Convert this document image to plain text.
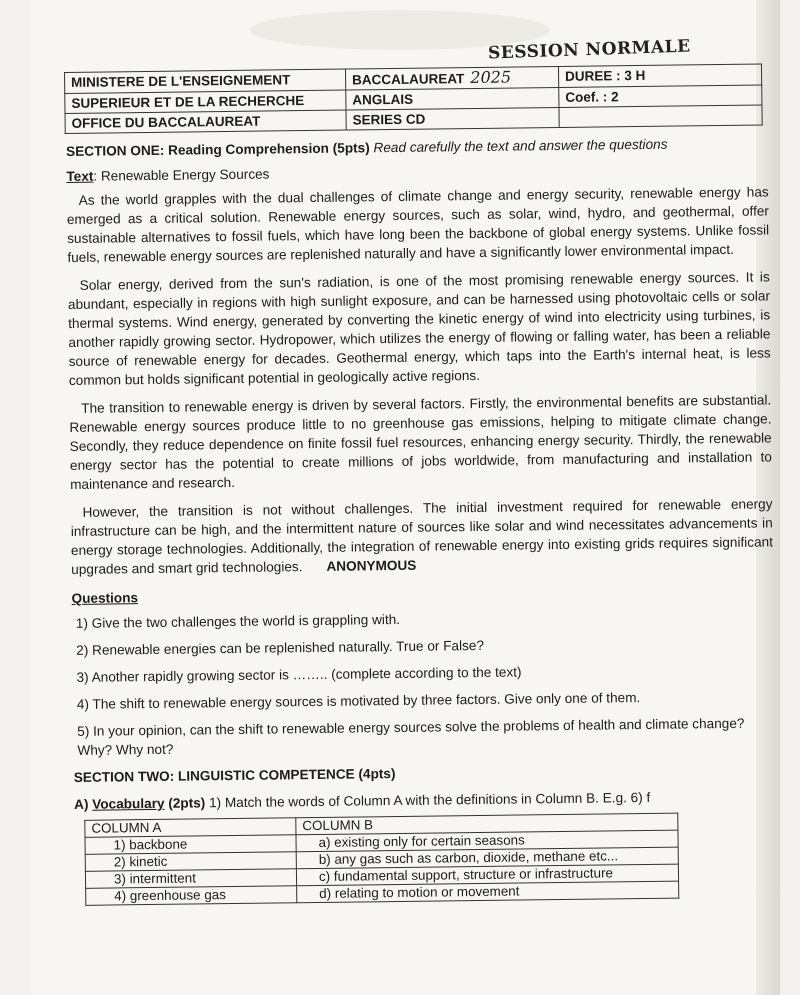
SESSION NORMALE
MINISTERE DE L'ENSEIGNEMENT	BACCALAUREAT 2025	DUREE : 3 H
SUPERIEUR ET DE LA RECHERCHE	ANGLAIS	Coef. : 2
OFFICE DU BACCALAUREAT	SERIES CD	
SECTION ONE: Reading Comprehension (5pts) Read carefully the text and answer the questions
Text: Renewable Energy Sources

As the world grapples with the dual challenges of climate change and energy security, renewable energy has emerged as a critical solution. Renewable energy sources, such as solar, wind, hydro, and geothermal, offer sustainable alternatives to fossil fuels, which have long been the backbone of global energy systems. Unlike fossil fuels, renewable energy sources are replenished naturally and have a significantly lower environmental impact.

Solar energy, derived from the sun's radiation, is one of the most promising renewable energy sources. It is abundant, especially in regions with high sunlight exposure, and can be harnessed using photovoltaic cells or solar thermal systems. Wind energy, generated by converting the kinetic energy of wind into electricity using turbines, is another rapidly growing sector. Hydropower, which utilizes the energy of flowing or falling water, has been a reliable source of renewable energy for decades. Geothermal energy, which taps into the Earth's internal heat, is less common but holds significant potential in geologically active regions.

The transition to renewable energy is driven by several factors. Firstly, the environmental benefits are substantial. Renewable energy sources produce little to no greenhouse gas emissions, helping to mitigate climate change. Secondly, they reduce dependence on finite fossil fuel resources, enhancing energy security. Thirdly, the renewable energy sector has the potential to create millions of jobs worldwide, from manufacturing and installation to maintenance and research.

However, the transition is not without challenges. The initial investment required for renewable energy infrastructure can be high, and the intermittent nature of sources like solar and wind necessitates advancements in energy storage technologies. Additionally, the integration of renewable energy into existing grids requires significant upgrades and smart grid technologies. ANONYMOUS

Questions
1) Give the two challenges the world is grappling with.
2) Renewable energies can be replenished naturally. True or False?
3) Another rapidly growing sector is …….. (complete according to the text)
4) The shift to renewable energy sources is motivated by three factors. Give only one of them.
5) In your opinion, can the shift to renewable energy sources solve the problems of health and climate change? Why? Why not?
SECTION TWO: LINGUISTIC COMPETENCE (4pts)
A) Vocabulary (2pts) 1) Match the words of Column A with the definitions in Column B. E.g. 6) f
COLUMN A	COLUMN B
1) backbone	a) existing only for certain seasons
2) kinetic	b) any gas such as carbon, dioxide, methane etc...
3) intermittent	c) fundamental support, structure or infrastructure
4) greenhouse gas	d) relating to motion or movement
